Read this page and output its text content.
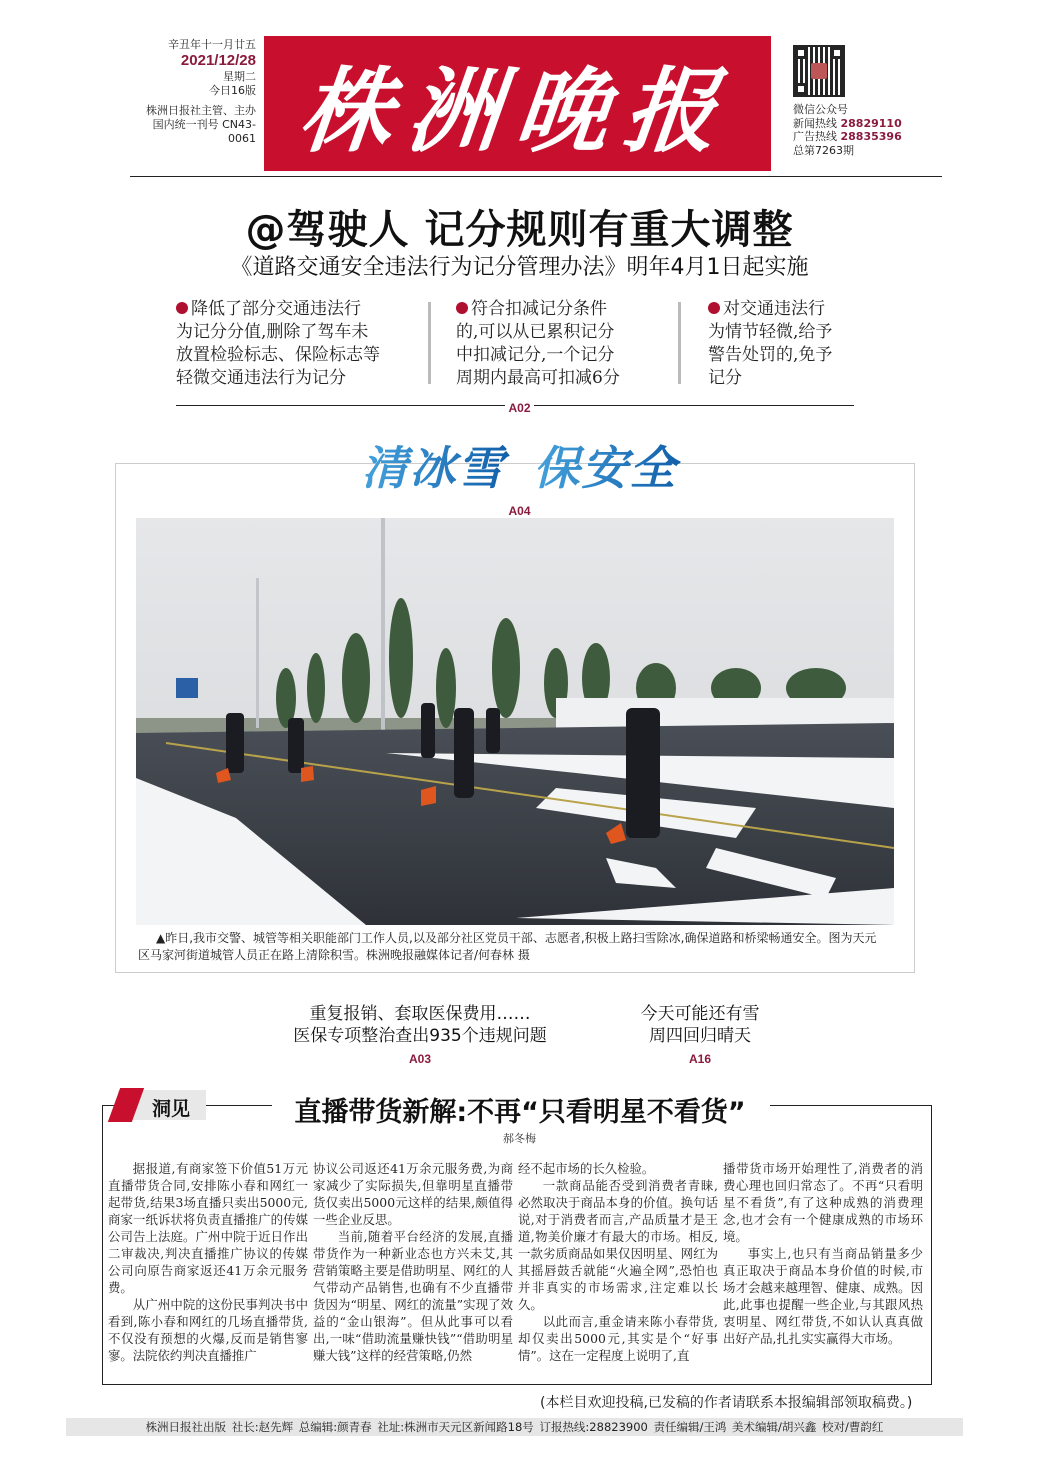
辛丑年十一月廿五
2021/12/28
星期二
今日16版
株洲日报社主管、主办
国内统一刊号 CN43-0061 株洲晚报	微信公众号
新闻热线 28829110
广告热线 28835396
总第7263期
@驾驶人 记分规则有重大调整
《道路交通安全违法行为记分管理办法》明年4月1日起实施
降低了部分交通违法行
为记分分值,删除了驾车未
放置检验标志、保险标志等
轻微交通违法行为记分
符合扣减记分条件
的,可以从已累积记分
中扣减记分,一个记分
周期内最高可扣减6分
对交通违法行
为情节轻微,给予
警告处罚的,免予
记分
A02
清冰雪 保安全
A04
▲昨日,我市交警、城管等相关职能部门工作人员,以及部分社区党员干部、志愿者,积极上路扫雪除冰,确保道路和桥梁畅通安全。图为天元
区马家河街道城管人员正在路上清除积雪。株洲晚报融媒体记者/何春林 摄
重复报销、套取医保费用……
医保专项整治查出935个违规问题
A03
今天可能还有雪
周四回归晴天
A16
洞见	直播带货新解:不再“只看明星不看货”
郝冬梅

据报道,有商家签下价值51万元直播带货合同,安排陈小春和网红一起带货,结果3场直播只卖出5000元,商家一纸诉状将负责直播推广的传媒公司告上法庭。广州中院于近日作出二审裁决,判决直播推广协议的传媒公司向原告商家返还41万余元服务费。

从广州中院的这份民事判决书中看到,陈小春和网红的几场直播带货,不仅没有预想的火爆,反而是销售寥寥。法院依约判决直播推广

协议公司返还41万余元服务费,为商家减少了实际损失,但靠明星直播带货仅卖出5000元这样的结果,颇值得一些企业反思。

当前,随着平台经济的发展,直播带货作为一种新业态也方兴未艾,其营销策略主要是借助明星、网红的人气带动产品销售,也确有不少直播带货因为“明星、网红的流量”实现了效益的“金山银海”。但从此事可以看出,一味“借助流量赚快钱”“借助明星赚大钱”这样的经营策略,仍然

经不起市场的长久检验。

一款商品能否受到消费者青睐,必然取决于商品本身的价值。换句话说,对于消费者而言,产品质量才是王道,物美价廉才有最大的市场。相反,一款劣质商品如果仅因明星、网红为其摇唇鼓舌就能“火遍全网”,恐怕也并非真实的市场需求,注定难以长久。

以此而言,重金请来陈小春带货,却仅卖出5000元,其实是个“好事情”。这在一定程度上说明了,直

播带货市场开始理性了,消费者的消费心理也回归常态了。不再“只看明星不看货”,有了这种成熟的消费理念,也才会有一个健康成熟的市场环境。

事实上,也只有当商品销量多少真正取决于商品本身价值的时候,市场才会越来越理智、健康、成熟。因此,此事也提醒一些企业,与其跟风热衷明星、网红带货,不如认认真真做出好产品,扎扎实实赢得大市场。

(本栏目欢迎投稿,已发稿的作者请联系本报编辑部领取稿费。)
株洲日报社出版 社长:赵先辉 总编辑:颜青春 社址:株洲市天元区新闻路18号 订报热线:28823900 责任编辑/王鸿 美术编辑/胡兴鑫 校对/曹韵红
